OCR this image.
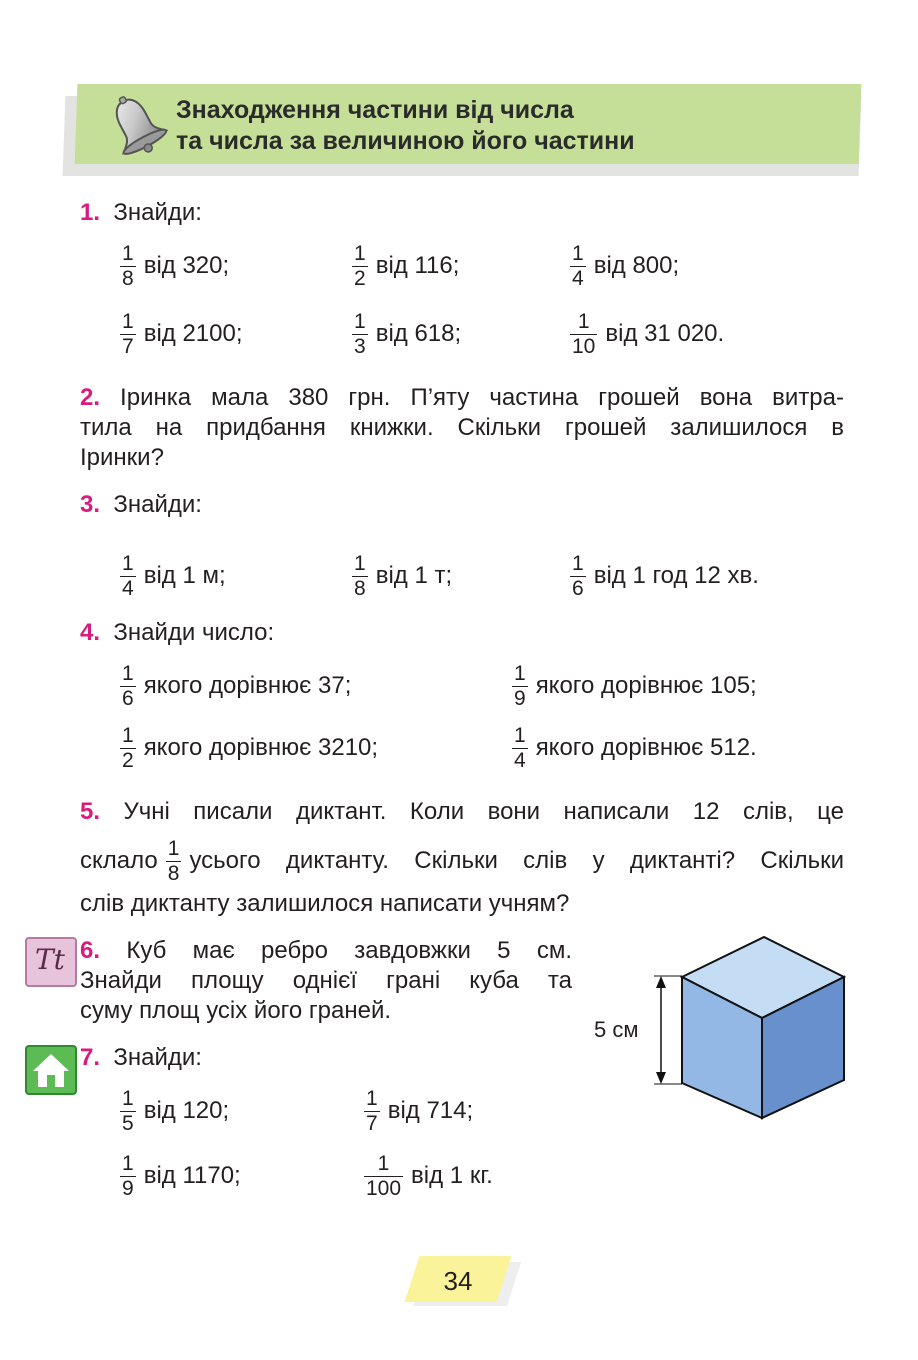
Знаходження частини від числа
та числа за величиною його частини
1. Знайди:
$\frac{1}{8}$ від 320;	$\frac{1}{2}$ від 116;	$\frac{1}{4}$ від 800;
$\frac{1}{7}$ від 2100;	$\frac{1}{3}$ від 618;	$\frac{1}{10}$ від 31 020.
2. Іринка мала 380 грн. П’яту частина грошей вона витра-
тила на придбання книжки. Скільки грошей залишилося в
Іринки?
3. Знайди:
$\frac{1}{4}$ від 1 м;	$\frac{1}{8}$ від 1 т;	$\frac{1}{6}$ від 1 год 12 хв.
4. Знайди число:
$\frac{1}{6}$ якого дорівнює 37;	$\frac{1}{9}$ якого дорівнює 105;
$\frac{1}{2}$ якого дорівнює 3210;	$\frac{1}{4}$ якого дорівнює 512.
5. Учні писали диктант. Коли вони написали 12 слів, це
склало $\frac{1}{8}$ усього диктанту. Скільки слів у диктанті? Скільки
слів диктанту залишилося написати учням?
Tt 6. Куб має ребро завдовжки 5 см.
Знайди площу однієї грані куба та
суму площ усіх його граней.
5 см
7. Знайди:
$\frac{1}{5}$ від 120;	$\frac{1}{7}$ від 714;
$\frac{1}{9}$ від 1170;	$\frac{1}{100}$ від 1 кг.
34
